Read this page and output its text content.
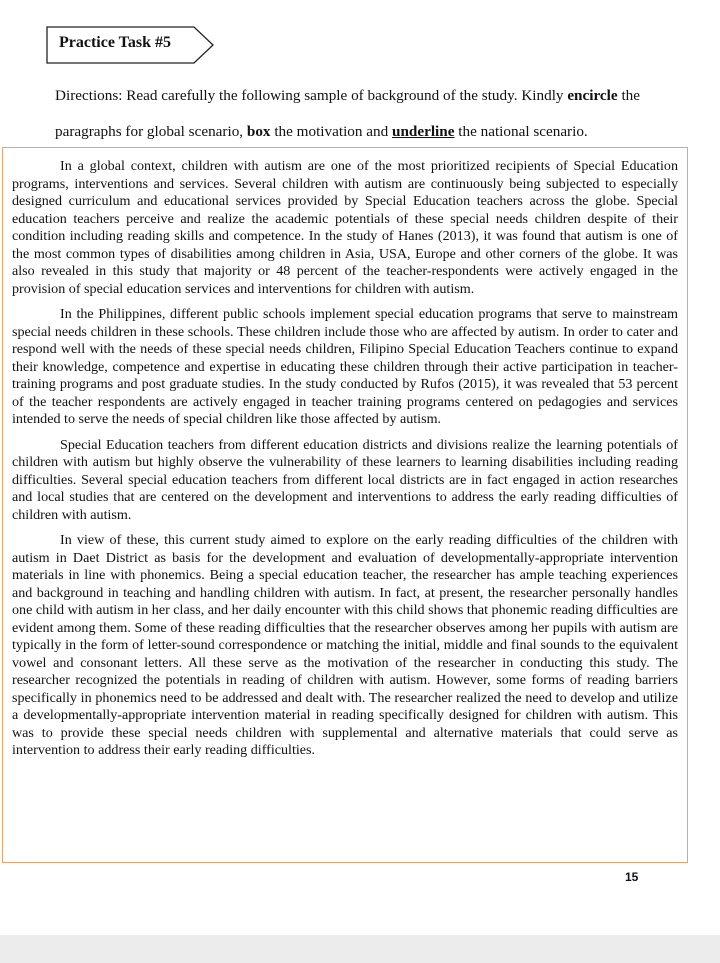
Practice Task #5
Directions: Read carefully the following sample of background of the study. Kindly encircle the paragraphs for global scenario, box the motivation and underline the national scenario.

In a global context, children with autism are one of the most prioritized recipients of Special Education programs, interventions and services. Several children with autism are continuously being subjected to especially designed curriculum and educational services provided by Special Education teachers across the globe. Special education teachers perceive and realize the academic potentials of these special needs children despite of their condition including reading skills and competence. In the study of Hanes (2013), it was found that autism is one of the most common types of disabilities among children in Asia, USA, Europe and other corners of the globe. It was also revealed in this study that majority or 48 percent of the teacher-respondents were actively engaged in the provision of special education services and interventions for children with autism.

In the Philippines, different public schools implement special education programs that serve to mainstream special needs children in these schools. These children include those who are affected by autism. In order to cater and respond well with the needs of these special needs children, Filipino Special Education Teachers continue to expand their knowledge, competence and expertise in educating these children through their active participation in teacher-training programs and post graduate studies. In the study conducted by Rufos (2015), it was revealed that 53 percent of the teacher respondents are actively engaged in teacher training programs centered on pedagogies and services intended to serve the needs of special children like those affected by autism.

Special Education teachers from different education districts and divisions realize the learning potentials of children with autism but highly observe the vulnerability of these learners to learning disabilities including reading difficulties. Several special education teachers from different local districts are in fact engaged in action researches and local studies that are centered on the development and interventions to address the early reading difficulties of children with autism.

In view of these, this current study aimed to explore on the early reading difficulties of the children with autism in Daet District as basis for the development and evaluation of developmentally-appropriate intervention materials in line with phonemics. Being a special education teacher, the researcher has ample teaching experiences and background in teaching and handling children with autism. In fact, at present, the researcher personally handles one child with autism in her class, and her daily encounter with this child shows that phonemic reading difficulties are evident among them. Some of these reading difficulties that the researcher observes among her pupils with autism are typically in the form of letter-sound correspondence or matching the initial, middle and final sounds to the equivalent vowel and consonant letters. All these serve as the motivation of the researcher in conducting this study. The researcher recognized the potentials in reading of children with autism. However, some forms of reading barriers specifically in phonemics need to be addressed and dealt with. The researcher realized the need to develop and utilize a developmentally-appropriate intervention material in reading specifically designed for children with autism. This was to provide these special needs children with supplemental and alternative materials that could serve as intervention to address their early reading difficulties.

15
